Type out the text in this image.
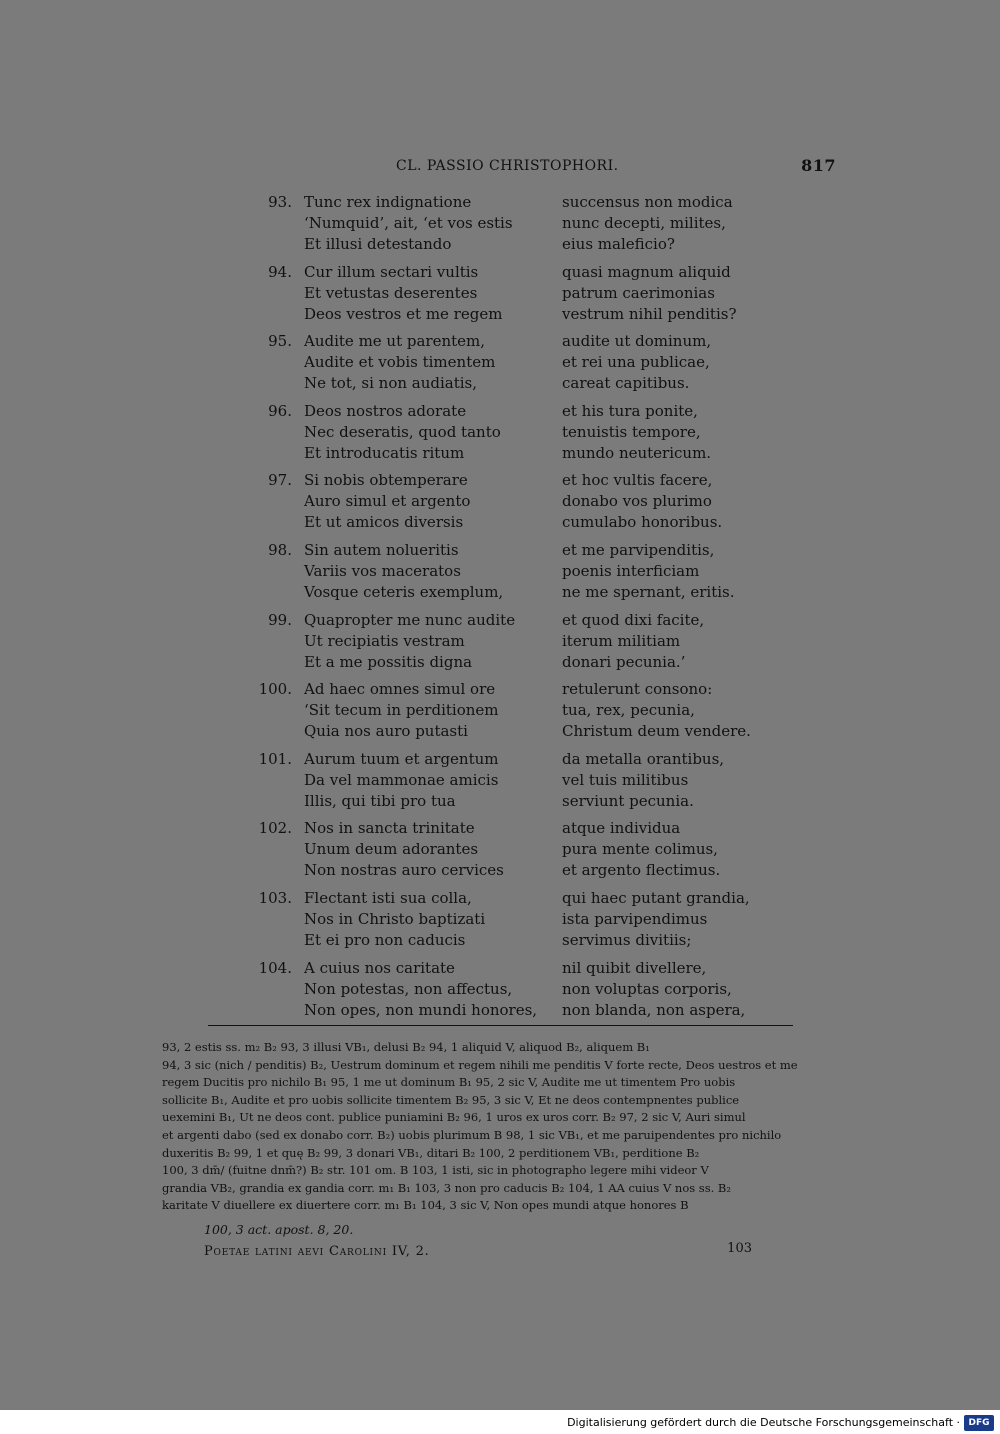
CL. PASSIO CHRISTOPHORI.	817
93. Tunc rex indignatione
‘Numquid’, ait, ‘et vos estis
Et illusi detestando
succensus non modica
nunc decepti, milites,
eius maleficio?
94. Cur illum sectari vultis
Et vetustas deserentes
Deos vestros et me regem
quasi magnum aliquid
patrum caerimonias
vestrum nihil penditis?
95. Audite me ut parentem,
Audite et vobis timentem
Ne tot, si non audiatis,
audite ut dominum,
et rei una publicae,
careat capitibus.
96. Deos nostros adorate
Nec deseratis, quod tanto
Et introducatis ritum
et his tura ponite,
tenuistis tempore,
mundo neutericum.
97. Si nobis obtemperare
Auro simul et argento
Et ut amicos diversis
et hoc vultis facere,
donabo vos plurimo
cumulabo honoribus.
98. Sin autem nolueritis
Variis vos maceratos
Vosque ceteris exemplum,
et me parvipenditis,
poenis interficiam
ne me spernant, eritis.
99. Quapropter me nunc audite
Ut recipiatis vestram
Et a me possitis digna
et quod dixi facite,
iterum militiam
donari pecunia.’
100. Ad haec omnes simul ore
‘Sit tecum in perditionem
Quia nos auro putasti
retulerunt consono:
tua, rex, pecunia,
Christum deum vendere.
101. Aurum tuum et argentum
Da vel mammonae amicis
Illis, qui tibi pro tua
da metalla orantibus,
vel tuis militibus
serviunt pecunia.
102. Nos in sancta trinitate
Unum deum adorantes
Non nostras auro cervices
atque individua
pura mente colimus,
et argento flectimus.
103. Flectant isti sua colla,
Nos in Christo baptizati
Et ei pro non caducis
qui haec putant grandia,
ista parvipendimus
servimus divitiis;
104. A cuius nos caritate
Non potestas, non affectus,
Non opes, non mundi honores,
nil quibit divellere,
non voluptas corporis,
non blanda, non aspera,
93, 2 estis ss. m₂ B₂ 93, 3 illusi VB₁, delusi B₂ 94, 1 aliquid V, aliquod B₂, aliquem B₁
94, 3 sic (nich / penditis) B₂, Uestrum dominum et regem nihili me penditis V forte recte, Deos uestros et me
regem Ducitis pro nichilo B₁ 95, 1 me ut dominum B₁ 95, 2 sic V, Audite me ut timentem Pro uobis
sollicite B₁, Audite et pro uobis sollicite timentem B₂ 95, 3 sic V, Et ne deos contempnentes publice
uexemini B₁, Ut ne deos cont. publice puniamini B₂ 96, 1 uros ex uros corr. B₂ 97, 2 sic V, Auri simul
et argenti dabo (sed ex donabo corr. B₂) uobis plurimum B 98, 1 sic VB₁, et me paruipendentes pro nichilo
duxeritis B₂ 99, 1 et quę B₂ 99, 3 donari VB₁, ditari B₂ 100, 2 perditionem VB₁, perditione B₂
100, 3 dm̄/ (fuitne dnm̄?) B₂ str. 101 om. B 103, 1 isti, sic in photographo legere mihi videor V
grandia VB₂, grandia ex gandia corr. m₁ B₁ 103, 3 non pro caducis B₂ 104, 1 AA cuius V nos ss. B₂
karitate V diuellere ex diuertere corr. m₁ B₁ 104, 3 sic V, Non opes mundi atque honores B
100, 3 act. apost. 8, 20.
Poetae latini aevi Carolini IV, 2.	103
Digitalisierung gefördert durch die Deutsche Forschungsgemeinschaft · DFG
